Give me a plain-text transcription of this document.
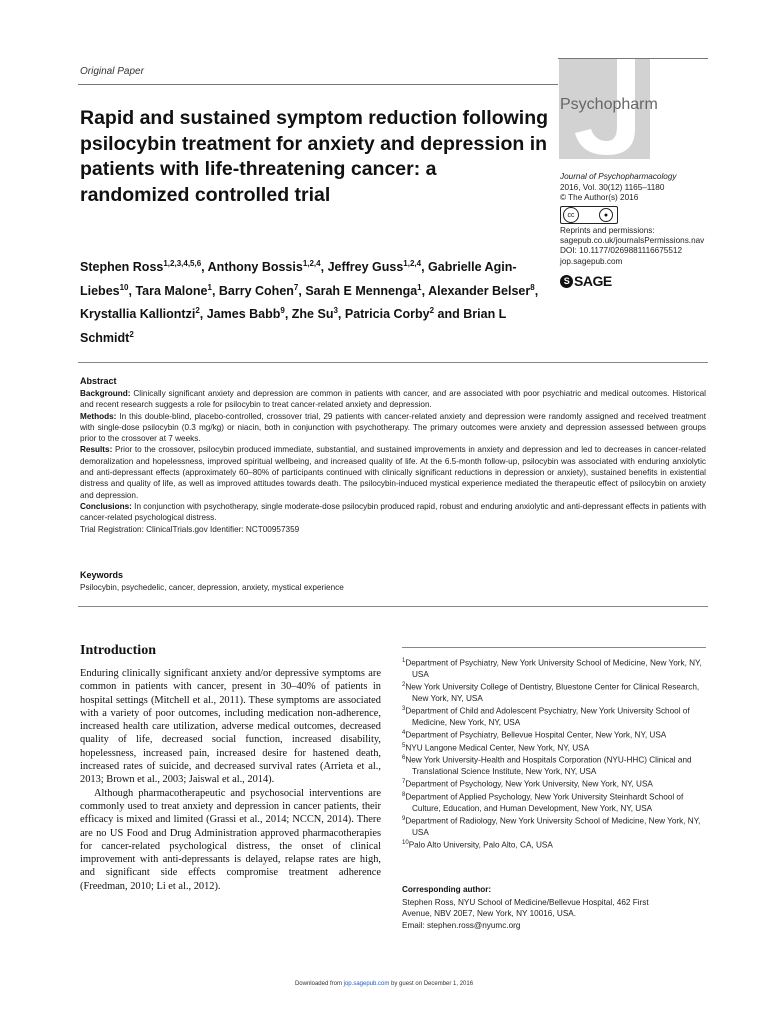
Original Paper
Psychopharm
Journal of Psychopharmacology
2016, Vol. 30(12) 1165–1180
© The Author(s) 2016
cc	●
Reprints and permissions:
sagepub.co.uk/journalsPermissions.nav
DOI: 10.1177/0269881116675512
jop.sagepub.com
S SAGE
Rapid and sustained symptom reduction following psilocybin treatment for anxiety and depression in patients with life-threatening cancer: a randomized controlled trial
Stephen Ross$^{1,2,3,4,5,6}$, Anthony Bossis$^{1,2,4}$, Jeffrey Guss$^{1,2,4}$, Gabrielle Agin-Liebes$^{10}$, Tara Malone$^1$, Barry Cohen$^7$, Sarah E Mennenga$^1$, Alexander Belser$^8$, Krystallia Kalliontzi$^2$, James Babb$^9$, Zhe Su$^3$, Patricia Corby$^2$ and Brian L Schmidt$^2$
Abstract
Background: Clinically significant anxiety and depression are common in patients with cancer, and are associated with poor psychiatric and medical outcomes. Historical and recent research suggests a role for psilocybin to treat cancer-related anxiety and depression.
Methods: In this double-blind, placebo-controlled, crossover trial, 29 patients with cancer-related anxiety and depression were randomly assigned and received treatment with single-dose psilocybin (0.3 mg/kg) or niacin, both in conjunction with psychotherapy. The primary outcomes were anxiety and depression assessed between groups prior to the crossover at 7 weeks.
Results: Prior to the crossover, psilocybin produced immediate, substantial, and sustained improvements in anxiety and depression and led to decreases in cancer-related demoralization and hopelessness, improved spiritual wellbeing, and increased quality of life. At the 6.5-month follow-up, psilocybin was associated with enduring anxiolytic and anti-depressant effects (approximately 60–80% of participants continued with clinically significant reductions in depression or anxiety), sustained benefits in existential distress and quality of life, as well as improved attitudes towards death. The psilocybin-induced mystical experience mediated the therapeutic effect of psilocybin on anxiety and depression.
Conclusions: In conjunction with psychotherapy, single moderate-dose psilocybin produced rapid, robust and enduring anxiolytic and anti-depressant effects in patients with cancer-related psychological distress.
Trial Registration: ClinicalTrials.gov Identifier: NCT00957359
Keywords
Psilocybin, psychedelic, cancer, depression, anxiety, mystical experience
Introduction

Enduring clinically significant anxiety and/or depressive symptoms are common in patients with cancer, present in 30–40% of patients in hospital settings (Mitchell et al., 2011). These symptoms are associated with a variety of poor outcomes, including medication non-adherence, increased health care utilization, adverse medical outcomes, decreased quality of life, decreased social function, increased disability, hopelessness, increased pain, increased desire for hastened death, increased rates of suicide, and decreased survival rates (Arrieta et al., 2013; Brown et al., 2003; Jaiswal et al., 2014).

Although pharmacotherapeutic and psychosocial interventions are commonly used to treat anxiety and depression in cancer patients, their efficacy is mixed and limited (Grassi et al., 2014; NCCN, 2014). There are no US Food and Drug Administration approved pharmacotherapies for cancer-related psychological distress, the onset of clinical improvement with anti-depressants is delayed, relapse rates are high, and significant side effects compromise treatment adherence (Freedman, 2010; Li et al., 2012).

$^1$Department of Psychiatry, New York University School of Medicine, New York, NY, USA
$^2$New York University College of Dentistry, Bluestone Center for Clinical Research, New York, NY, USA
$^3$Department of Child and Adolescent Psychiatry, New York University School of Medicine, New York, NY, USA
$^4$Department of Psychiatry, Bellevue Hospital Center, New York, NY, USA
$^5$NYU Langone Medical Center, New York, NY, USA
$^6$New York University-Health and Hospitals Corporation (NYU-HHC) Clinical and Translational Science Institute, New York, NY, USA
$^7$Department of Psychology, New York University, New York, NY, USA
$^8$Department of Applied Psychology, New York University Steinhardt School of Culture, Education, and Human Development, New York, NY, USA
$^9$Department of Radiology, New York University School of Medicine, New York, NY, USA
$^{10}$Palo Alto University, Palo Alto, CA, USA
Corresponding author:
Stephen Ross, NYU School of Medicine/Bellevue Hospital, 462 First
Avenue, NBV 20E7, New York, NY 10016, USA.
Email: stephen.ross@nyumc.org
Downloaded from jop.sagepub.com by guest on December 1, 2016
